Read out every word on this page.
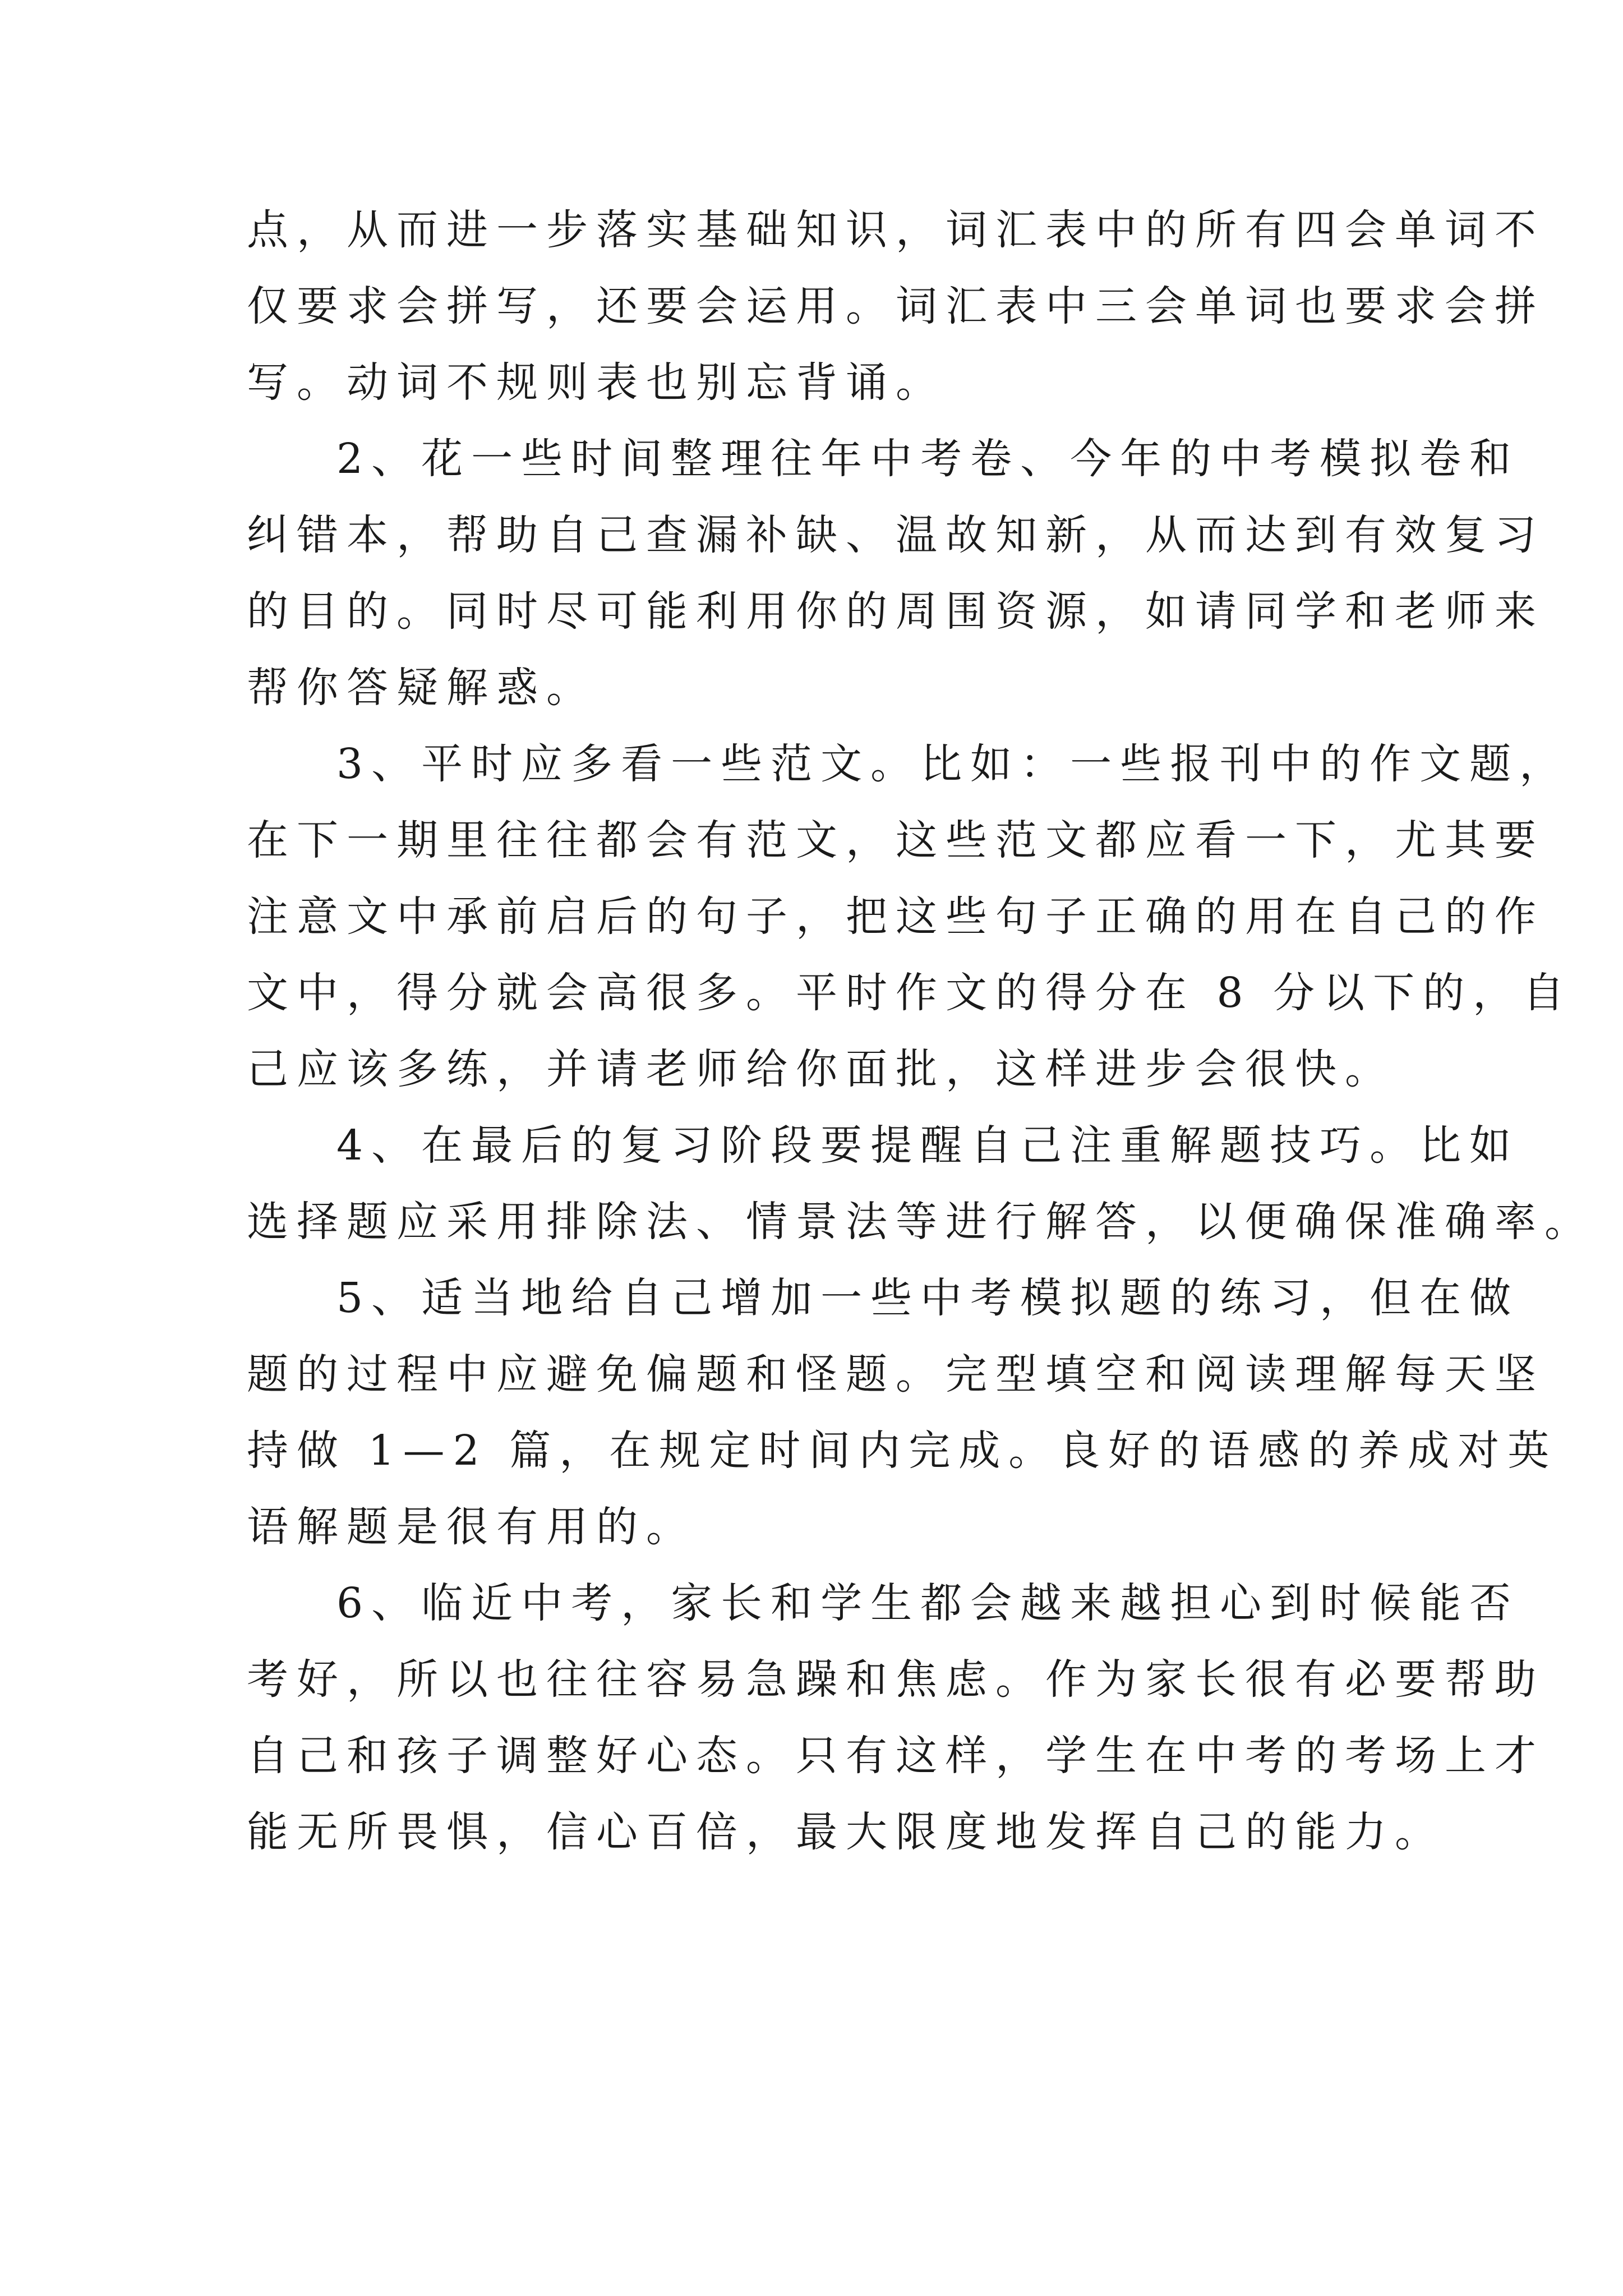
点，从而进一步落实基础知识，词汇表中的所有四会单词不
仅要求会拼写，还要会运用。词汇表中三会单词也要求会拼
写。动词不规则表也别忘背诵。
2、花一些时间整理往年中考卷、今年的中考模拟卷和
纠错本，帮助自己查漏补缺、温故知新，从而达到有效复习
的目的。同时尽可能利用你的周围资源，如请同学和老师来
帮你答疑解惑。
3、平时应多看一些范文。比如：一些报刊中的作文题，
在下一期里往往都会有范文，这些范文都应看一下，尤其要
注意文中承前启后的句子，把这些句子正确的用在自己的作
文中，得分就会高很多。平时作文的得分在 8 分以下的，自
己应该多练，并请老师给你面批，这样进步会很快。
4、在最后的复习阶段要提醒自己注重解题技巧。比如
选择题应采用排除法、情景法等进行解答，以便确保准确率。
5、适当地给自己增加一些中考模拟题的练习，但在做
题的过程中应避免偏题和怪题。完型填空和阅读理解每天坚
持做 1—2 篇，在规定时间内完成。良好的语感的养成对英
语解题是很有用的。
6、临近中考，家长和学生都会越来越担心到时候能否
考好，所以也往往容易急躁和焦虑。作为家长很有必要帮助
自己和孩子调整好心态。只有这样，学生在中考的考场上才
能无所畏惧，信心百倍，最大限度地发挥自己的能力。
